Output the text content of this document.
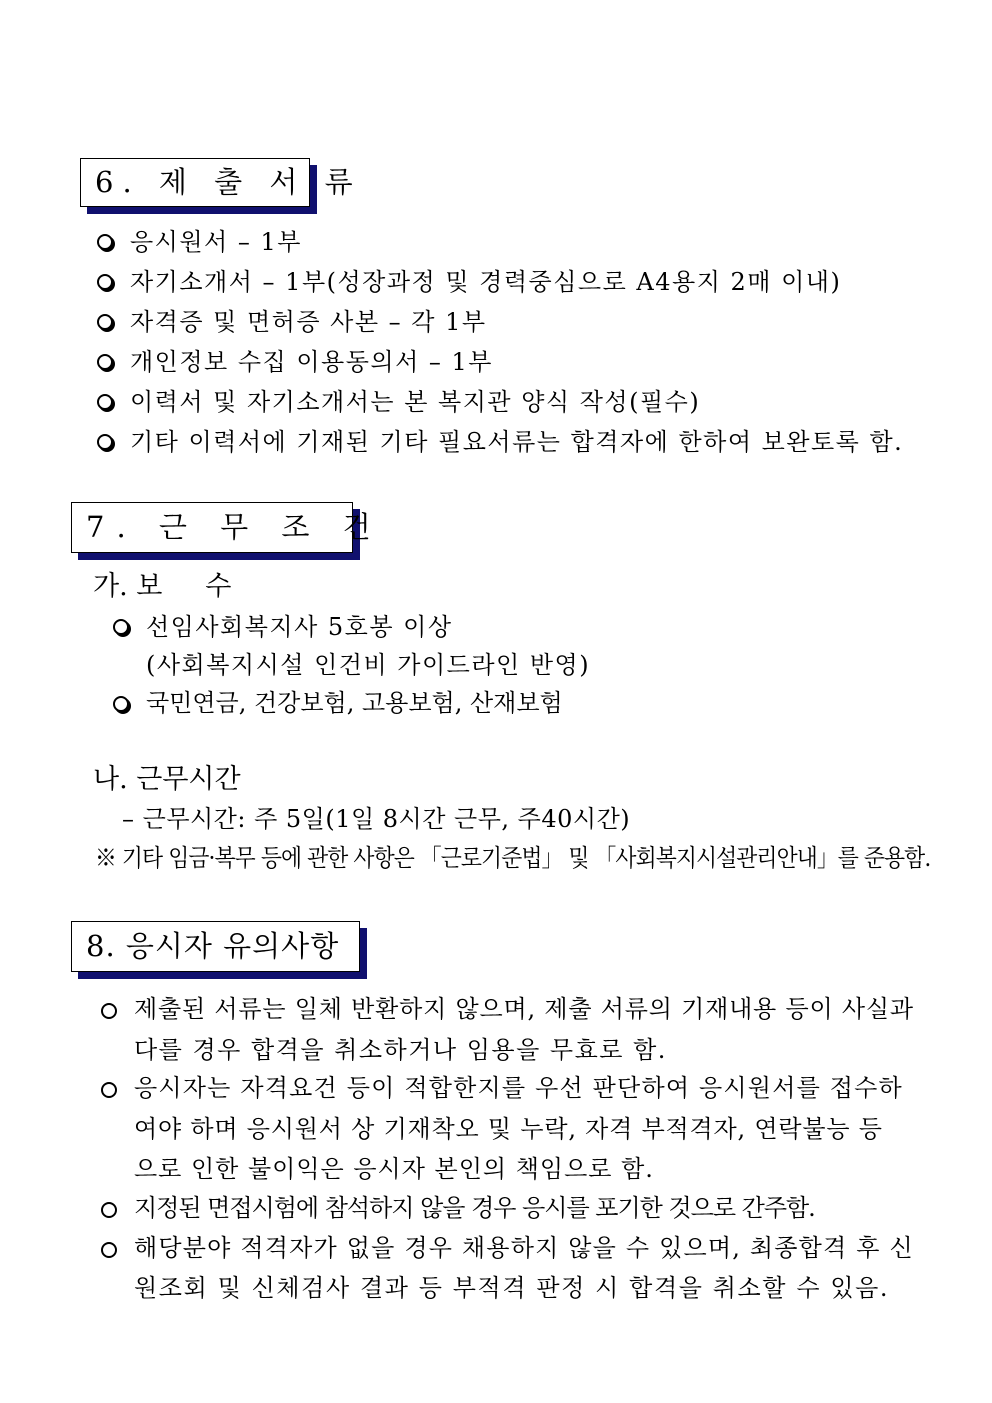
6. 제 출 서 류
응시원서 – 1부
자기소개서 – 1부(성장과정 및 경력중심으로 A4용지 2매 이내)
자격증 및 면허증 사본 – 각 1부
개인정보 수집 이용동의서 – 1부
이력서 및 자기소개서는 본 복지관 양식 작성(필수)
기타 이력서에 기재된 기타 필요서류는 합격자에 한하여 보완토록 함.
7. 근 무 조 건
가. 보     수
선임사회복지사 5호봉 이상
(사회복지시설 인건비 가이드라인 반영)
국민연금, 건강보험, 고용보험, 산재보험
나. 근무시간
– 근무시간: 주 5일(1일 8시간 근무, 주40시간)
※ 기타 임금·복무 등에 관한 사항은 「근로기준법」 및 「사회복지시설관리안내」를 준용함.
8. 응시자 유의사항
제출된 서류는 일체 반환하지 않으며, 제출 서류의 기재내용 등이 사실과
다를 경우 합격을 취소하거나 임용을 무효로 함.
응시자는 자격요건 등이 적합한지를 우선 판단하여 응시원서를 접수하
여야 하며 응시원서 상 기재착오 및 누락, 자격 부적격자, 연락불능 등
으로 인한 불이익은 응시자 본인의 책임으로 함.
지정된 면접시험에 참석하지 않을 경우 응시를 포기한 것으로 간주함.
해당분야 적격자가 없을 경우 채용하지 않을 수 있으며, 최종합격 후 신
원조회 및 신체검사 결과 등 부적격 판정 시 합격을 취소할 수 있음.
